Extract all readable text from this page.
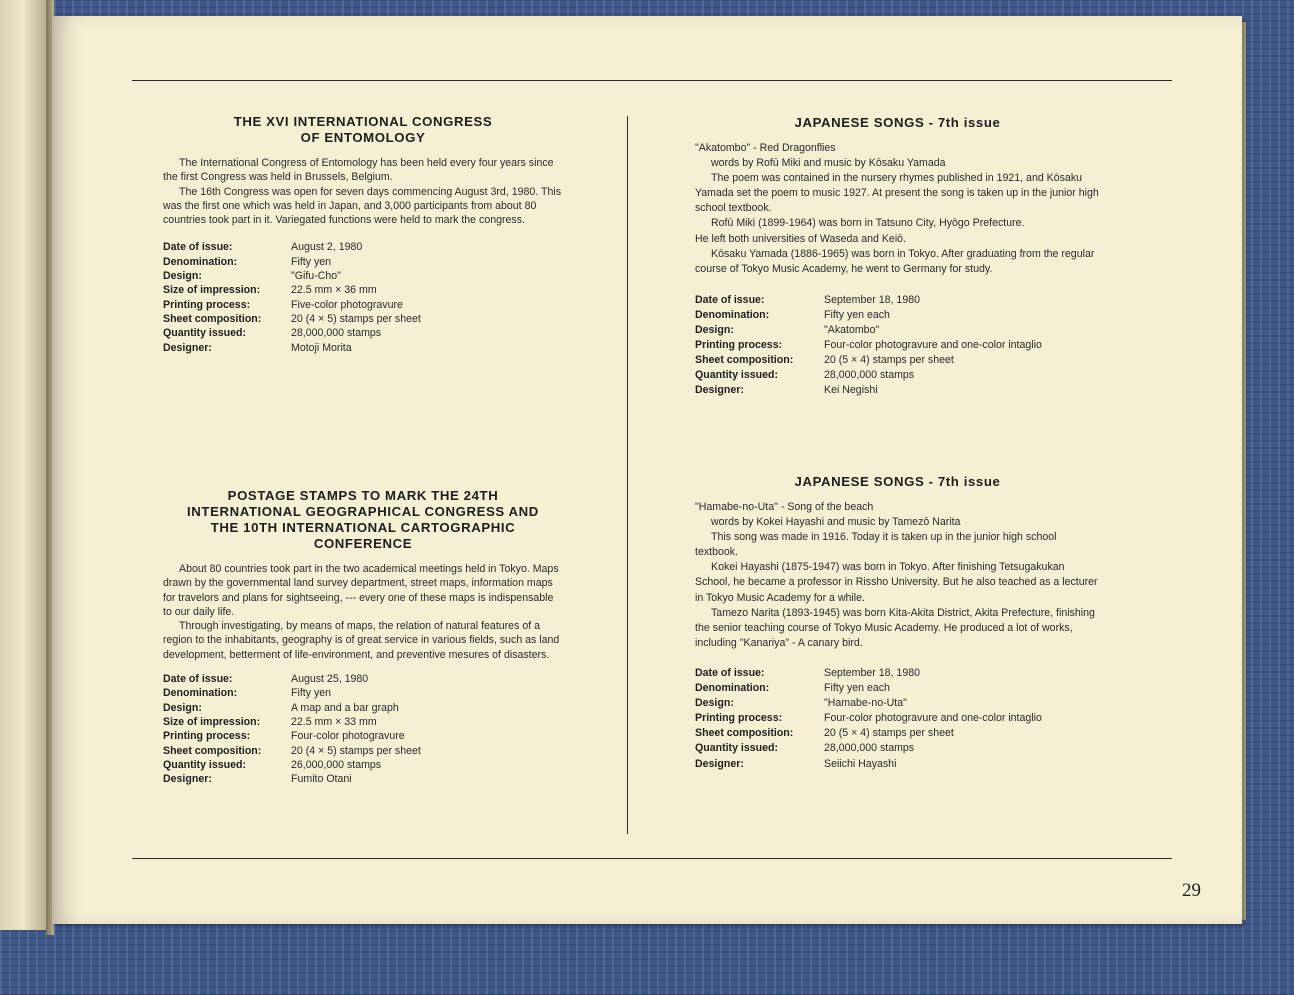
THE XVI INTERNATIONAL CONGRESS
OF ENTOMOLOGY

The International Congress of Entomology has been held every four years since the first Congress was held in Brussels, Belgium.

The 16th Congress was open for seven days commencing August 3rd, 1980. This was the first one which was held in Japan, and 3,000 participants from about 80 countries took part in it. Variegated functions were held to mark the congress.

Date of issue:	August 2, 1980
Denomination:	Fifty yen
Design:	"Gifu-Cho"
Size of impression:	22.5 mm × 36 mm
Printing process:	Five-color photogravure
Sheet composition:	20 (4 × 5) stamps per sheet
Quantity issued:	28,000,000 stamps
Designer:	Motoji Morita
POSTAGE STAMPS TO MARK THE 24TH
INTERNATIONAL GEOGRAPHICAL CONGRESS AND
THE 10TH INTERNATIONAL CARTOGRAPHIC
CONFERENCE

About 80 countries took part in the two academical meetings held in Tokyo. Maps drawn by the governmental land survey department, street maps, information maps for travelors and plans for sightseeing, --- every one of these maps is indispensable to our daily life.

Through investigating, by means of maps, the relation of natural features of a region to the inhabitants, geography is of great service in various fields, such as land development, betterment of life-environment, and preventive mesures of disasters.

Date of issue:	August 25, 1980
Denomination:	Fifty yen
Design:	A map and a bar graph
Size of impression:	22.5 mm × 33 mm
Printing process:	Four-color photogravure
Sheet composition:	20 (4 × 5) stamps per sheet
Quantity issued:	26,000,000 stamps
Designer:	Fumito Otani
JAPANESE SONGS - 7th issue

"Akatombo" - Red Dragonflies

words by Rofū Miki and music by Kōsaku Yamada

The poem was contained in the nursery rhymes published in 1921, and Kōsaku Yamada set the poem to music 1927. At present the song is taken up in the junior high school textbook.

Rofū Miki (1899-1964) was born in Tatsuno City, Hyōgo Prefecture.

He left both universities of Waseda and Keiō.

Kōsaku Yamada (1886-1965) was born in Tokyo. After graduating from the regular course of Tokyo Music Academy, he went to Germany for study.

Date of issue:	September 18, 1980
Denomination:	Fifty yen each
Design:	"Akatombo"
Printing process:	Four-color photogravure and one-color intaglio
Sheet composition:	20 (5 × 4) stamps per sheet
Quantity issued:	28,000,000 stamps
Designer:	Kei Negishi
JAPANESE SONGS - 7th issue

"Hamabe-no-Uta" - Song of the beach

words by Kokei Hayashi and music by Tamezō Narita

This song was made in 1916. Today it is taken up in the junior high school textbook.

Kokei Hayashi (1875-1947) was born in Tokyo. After finishing Tetsugakukan School, he became a professor in Rissho University. But he also teached as a lecturer in Tokyo Music Academy for a while.

Tamezo Narita (1893-1945) was born Kita-Akita District, Akita Prefecture, finishing the senior teaching course of Tokyo Music Academy. He produced a lot of works, including "Kanariya" - A canary bird.

Date of issue:	September 18, 1980
Denomination:	Fifty yen each
Design:	"Hamabe-no-Uta"
Printing process:	Four-color photogravure and one-color intaglio
Sheet composition:	20 (5 × 4) stamps per sheet
Quantity issued:	28,000,000 stamps
Designer:	Seiichi Hayashi
29
